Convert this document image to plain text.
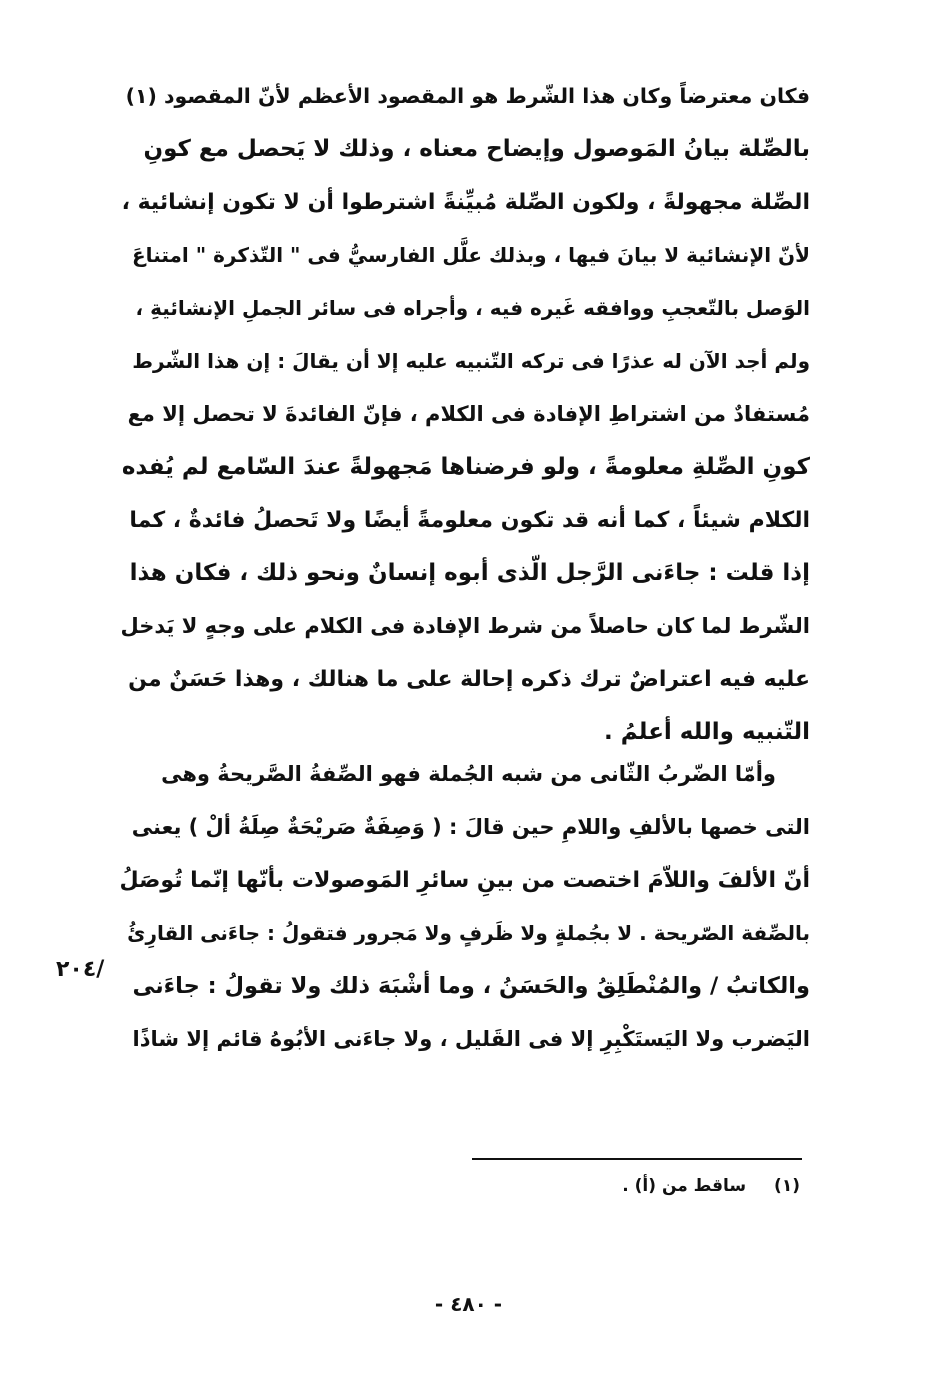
فكان معترضاً وكان هذا الشّرط هو المقصود الأعظم لأنّ المقصود (١)
بالصِّلة بيانُ المَوصول وإيضاح معناه ، وذلك لا يَحصل مع كونِ
الصِّلة مجهولةً ، ولكون الصِّلة مُبيِّنةً اشترطوا أن لا تكون إنشائية ،
لأنّ الإنشائية لا بيانَ فيها ، وبذلك علَّل الفارسيُّ فى " التّذكرة " امتناعَ
الوَصل بالتّعجبِ ووافقه غَيره فيه ، وأجراه فى سائر الجملِ الإنشائيةِ ،
ولم أجد الآن له عذرًا فى تركه التّنبيه عليه إلا أن يقالَ : إن هذا الشّرط
مُستفادٌ من اشتراطِ الإفادة فى الكلام ، فإنّ الفائدةَ لا تحصل إلا مع
كونِ الصِّلةِ معلومةً ، ولو فرضناها مَجهولةً عندَ السّامع لم يُفده
الكلام شيئاً ، كما أنه قد تكون معلومةً أيضًا ولا تَحصلُ فائدةٌ ، كما
إذا قلت : جاءَنى الرَّجل الّذى أبوه إنسانٌ ونحو ذلك ، فكان هذا
الشّرط لما كان حاصلاً من شرط الإفادة فى الكلام على وجهٍ لا يَدخل
عليه فيه اعتراضٌ ترك ذكره إحالة على ما هنالك ، وهذا حَسَنٌ من
التّنبيه والله أعلمُ .
وأمّا الضّربُ الثّانى من شبه الجُملة فهو الصِّفةُ الصَّريحةُ وهى
التى خصها بالألفِ واللامِ حين قالَ : ( وَصِفَةٌ صَريْحَةٌ صِلَةُ ألْ ) يعنى
أنّ الألفَ واللاّمَ اختصت من بينِ سائرِ المَوصولات بأنّها إنّما تُوصَلُ
بالصِّفة الصّريحة . لا بجُملةٍ ولا ظَرفٍ ولا مَجرور فتقولُ : جاءَنى القارِئُ
والكاتبُ / والمُنْطَلِقُ والحَسَنُ ، وما أشْبَهَ ذلك ولا تقولُ : جاءَنى
اليَضرب ولا اليَستَكْبِرِ إلا فى القَليل ، ولا جاءَنى الأبُوهُ قائم إلا شاذًا
٢٠٤/
(١) ساقط من (أ) .
- ٤٨٠ -
